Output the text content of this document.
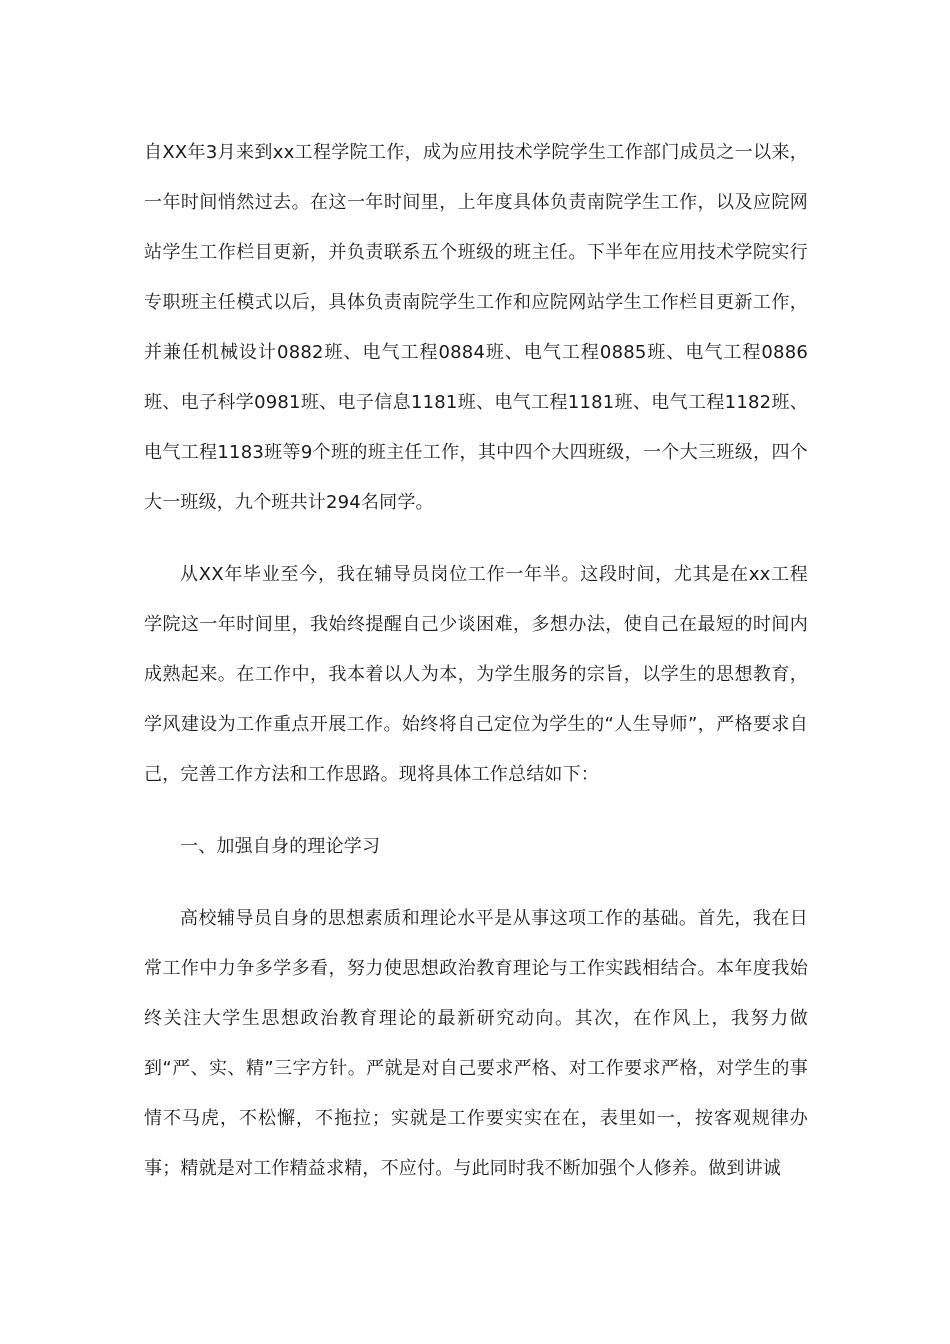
自XX年3月来到xx工程学院工作，成为应用技术学院学生工作部门成员之一以来，一年时间悄然过去。在这一年时间里，上年度具体负责南院学生工作，以及应院网站学生工作栏目更新，并负责联系五个班级的班主任。下半年在应用技术学院实行专职班主任模式以后，具体负责南院学生工作和应院网站学生工作栏目更新工作，并兼任机械设计0882班、电气工程0884班、电气工程0885班、电气工程0886班、电子科学0981班、电子信息1181班、电气工程1181班、电气工程1182班、电气工程1183班等9个班的班主任工作，其中四个大四班级，一个大三班级，四个大一班级，九个班共计294名同学。

从XX年毕业至今，我在辅导员岗位工作一年半。这段时间，尤其是在xx工程学院这一年时间里，我始终提醒自己少谈困难，多想办法，使自己在最短的时间内成熟起来。在工作中，我本着以人为本，为学生服务的宗旨，以学生的思想教育，学风建设为工作重点开展工作。始终将自己定位为学生的“人生导师”，严格要求自己，完善工作方法和工作思路。现将具体工作总结如下：

一、加强自身的理论学习

高校辅导员自身的思想素质和理论水平是从事这项工作的基础。首先，我在日常工作中力争多学多看，努力使思想政治教育理论与工作实践相结合。本年度我始终关注大学生思想政治教育理论的最新研究动向。其次，在作风上，我努力做到“严、实、精”三字方针。严就是对自己要求严格、对工作要求严格，对学生的事情不马虎，不松懈，不拖拉；实就是工作要实实在在，表里如一，按客观规律办事；精就是对工作精益求精，不应付。与此同时我不断加强个人修养。做到讲诚
